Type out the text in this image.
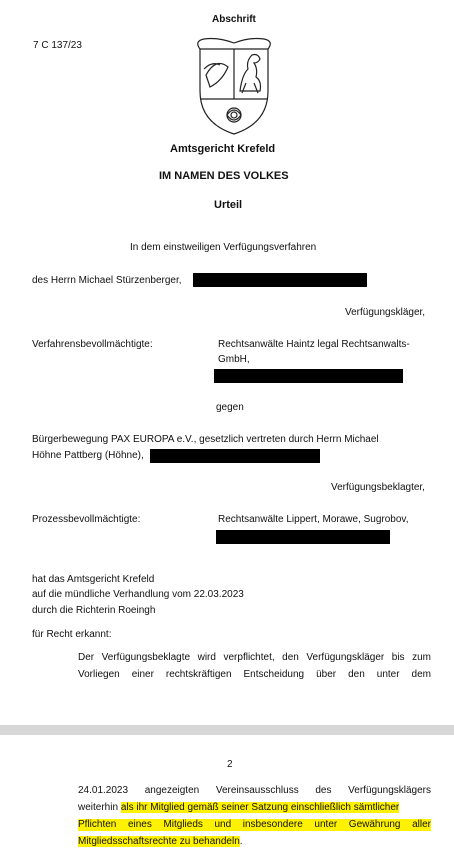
Abschrift
7 C 137/23
Amtsgericht Krefeld
IM NAMEN DES VOLKES
Urteil
In dem einstweiligen Verfügungsverfahren
des Herrn Michael Stürzenberger,
Verfügungskläger,
Verfahrensbevollmächtigte:	Rechtsanwälte Haintz legal Rechtsanwalts-
GmbH,
gegen
Bürgerbewegung PAX EUROPA e.V., gesetzlich vertreten durch Herrn Michael
Höhne Pattberg (Höhne),
Verfügungsbeklagter,
Prozessbevollmächtigte:	Rechtsanwälte Lippert, Morawe, Sugrobov,
hat das Amtsgericht Krefeld
auf die mündliche Verhandlung vom 22.03.2023
durch die Richterin Roeingh
für Recht erkannt:
Der Verfügungsbeklagte wird verpflichtet, den Verfügungskläger bis zum
Vorliegen einer rechtskräftigen Entscheidung über den unter dem
2
24.01.2023 angezeigten Vereinsausschluss des Verfügungsklägers
weiterhin als ihr Mitglied gemäß seiner Satzung einschließlich sämtlicher
Pflichten eines Mitglieds und insbesondere unter Gewährung aller
Mitgliedsschaftsrechte zu behandeln.
